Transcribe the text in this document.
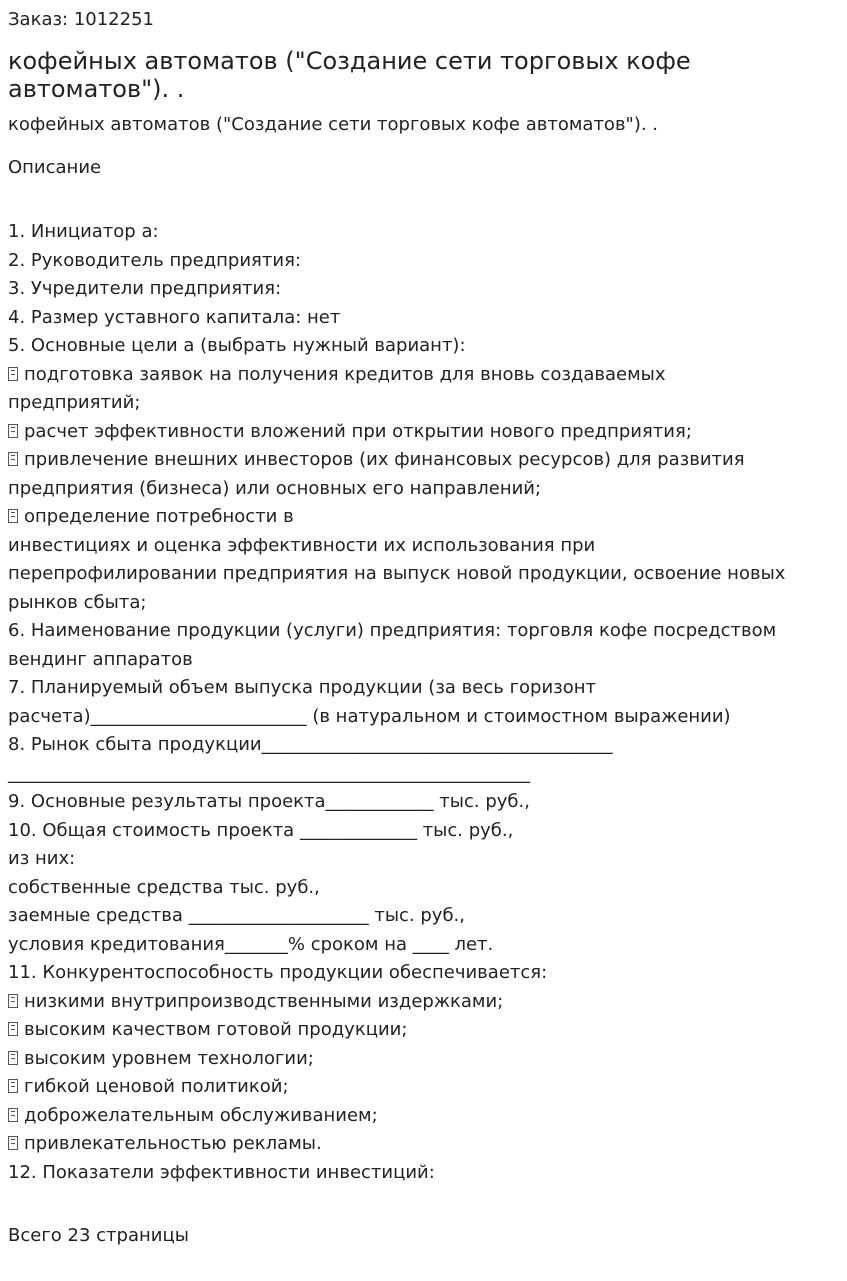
Заказ: 1012251
кофейных автоматов ("Создание сети торговых кофе
автоматов"). .
кофейных автоматов ("Создание сети торговых кофе автоматов"). .
Описание
1. Инициатор а:
2. Руководитель предприятия:
3. Учредители предприятия:
4. Размер уставного капитала: нет
5. Основные цели а (выбрать нужный вариант):
подготовка заявок на получения кредитов для вновь создаваемых
предприятий;
расчет эффективности вложений при открытии нового предприятия;
привлечение внешних инвесторов (их финансовых ресурсов) для развития
предприятия (бизнеса) или основных его направлений;
определение потребности в
инвестициях и оценка эффективности их использования при
перепрофилировании предприятия на выпуск новой продукции, освоение новых
рынков сбыта;
6. Наименование продукции (услуги) предприятия: торговля кофе посредством
вендинг аппаратов
7. Планируемый объем выпуска продукции (за весь горизонт
расчета)________________________ (в натуральном и стоимостном выражении)
8. Рынок сбыта продукции_______________________________________
__________________________________________________________
9. Основные результаты проекта____________ тыс. руб.,
10. Общая стоимость проекта _____________ тыс. руб.,
из них:
собственные средства тыс. руб.,
заемные средства ____________________ тыс. руб.,
условия кредитования_______% сроком на ____ лет.
11. Конкурентоспособность продукции обеспечивается:
низкими внутрипроизводственными издержками;
высоким качеством готовой продукции;
высоким уровнем технологии;
гибкой ценовой политикой;
доброжелательным обслуживанием;
привлекательностью рекламы.
12. Показатели эффективности инвестиций:
Всего 23 страницы
